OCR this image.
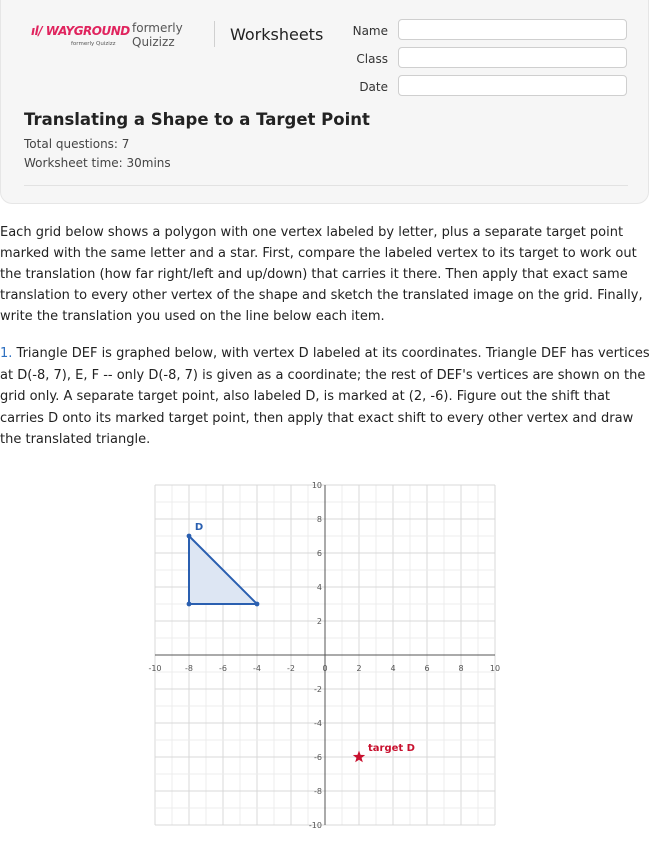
ıl/ WAYGROUND
formerly Quizizz
formerly Quizizz	Worksheets	Name
Class
Date
Translating a Shape to a Target Point
Total questions: 7
Worksheet time: 30mins
Each grid below shows a polygon with one vertex labeled by letter, plus a separate target point marked with the same letter and a star. First, compare the labeled vertex to its target to work out the translation (how far right/left and up/down) that carries it there. Then apply that exact same translation to every other vertex of the shape and sketch the translated image on the grid. Finally, write the translation you used on the line below each item.
1. Triangle DEF is graphed below, with vertex D labeled at its coordinates. Triangle DEF has vertices at D(-8, 7), E, F -- only D(-8, 7) is given as a coordinate; the rest of DEF's vertices are shown on the grid only. A separate target point, also labeled D, is marked at (2, -6). Figure out the shift that carries D onto its marked target point, then apply that exact shift to every other vertex and draw the translated triangle.
-10	-8	-6	-4	-2	0	2	4	6	8	10
-10
-8
-6
-4
-2
2
4
6
8
10
D
target D
